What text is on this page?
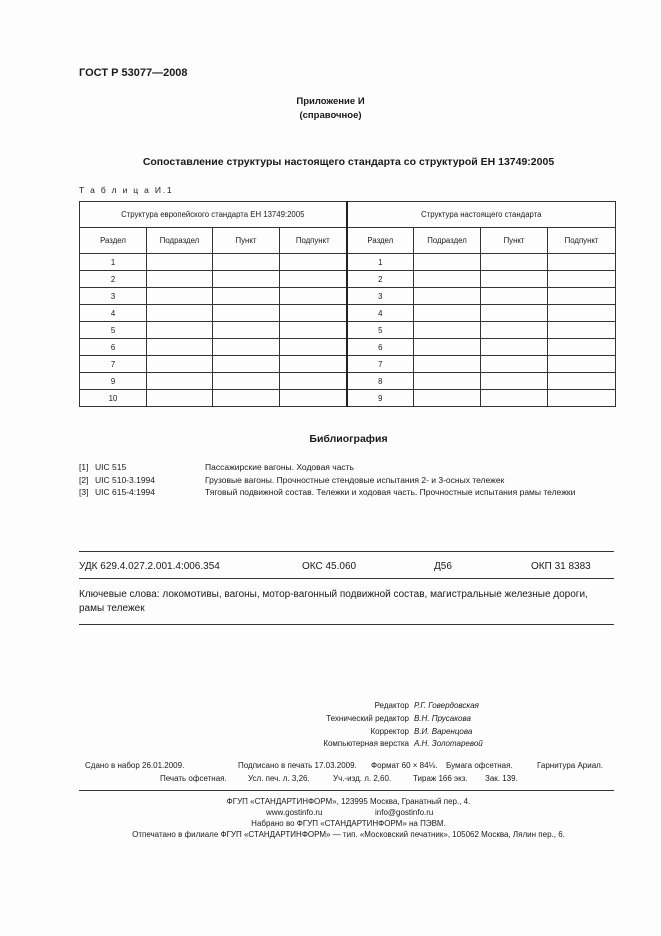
ГОСТ Р 53077—2008
Приложение И
(справочное)
Сопоставление структуры настоящего стандарта со структурой ЕН 13749:2005
Т а б л и ц а И.1
Структура европейского стандарта ЕН 13749:2005				Структура настоящего стандарта			
Раздел	Подраздел	Пункт	Подпункт	Раздел	Подраздел	Пункт	Подпункт
1				1			
2				2			
3				3			
4				4			
5				5			
6				6			
7				7			
9				8			
10				9			
Библиография
[1] UIC 515	Пассажирские вагоны. Ходовая часть
[2] UIC 510-3.1994	Грузовые вагоны. Прочностные стендовые испытания 2- и 3-осных тележек
[3] UIC 615-4:1994	Тяговый подвижной состав. Тележки и ходовая часть. Прочностные испытания рамы тележки
УДК 629.4.027.2.001.4:006.354	ОКС 45.060	Д56	ОКП 31 8383
Ключевые слова: локомотивы, вагоны, мотор-вагонный подвижной состав, магистральные железные дороги, рамы тележек
Редактор Р.Г. Говердовская
Технический редактор В.Н. Прусакова
Корректор В.И. Варенцова
Компьютерная верстка А.Н. Золотаревой
Сдано в набор 26.01.2009.	Подписано в печать 17.03.2009. Формат 60 × 84⅛. Бумага офсетная.	Гарнитура Ариал.
Печать офсетная.	Усл. печ. л. 3,26.	Уч.-изд. л. 2,60.	Тираж 166 экз. Зак. 139.
ФГУП «СТАНДАРТИНФОРМ», 123995 Москва, Гранатный пер., 4.
www.gostinfo.ru	info@gostinfo.ru
Набрано во ФГУП «СТАНДАРТИНФОРМ» на ПЭВМ.
Отпечатано в филиале ФГУП «СТАНДАРТИНФОРМ» — тип. «Московский печатник», 105062 Москва, Лялин пер., 6.
